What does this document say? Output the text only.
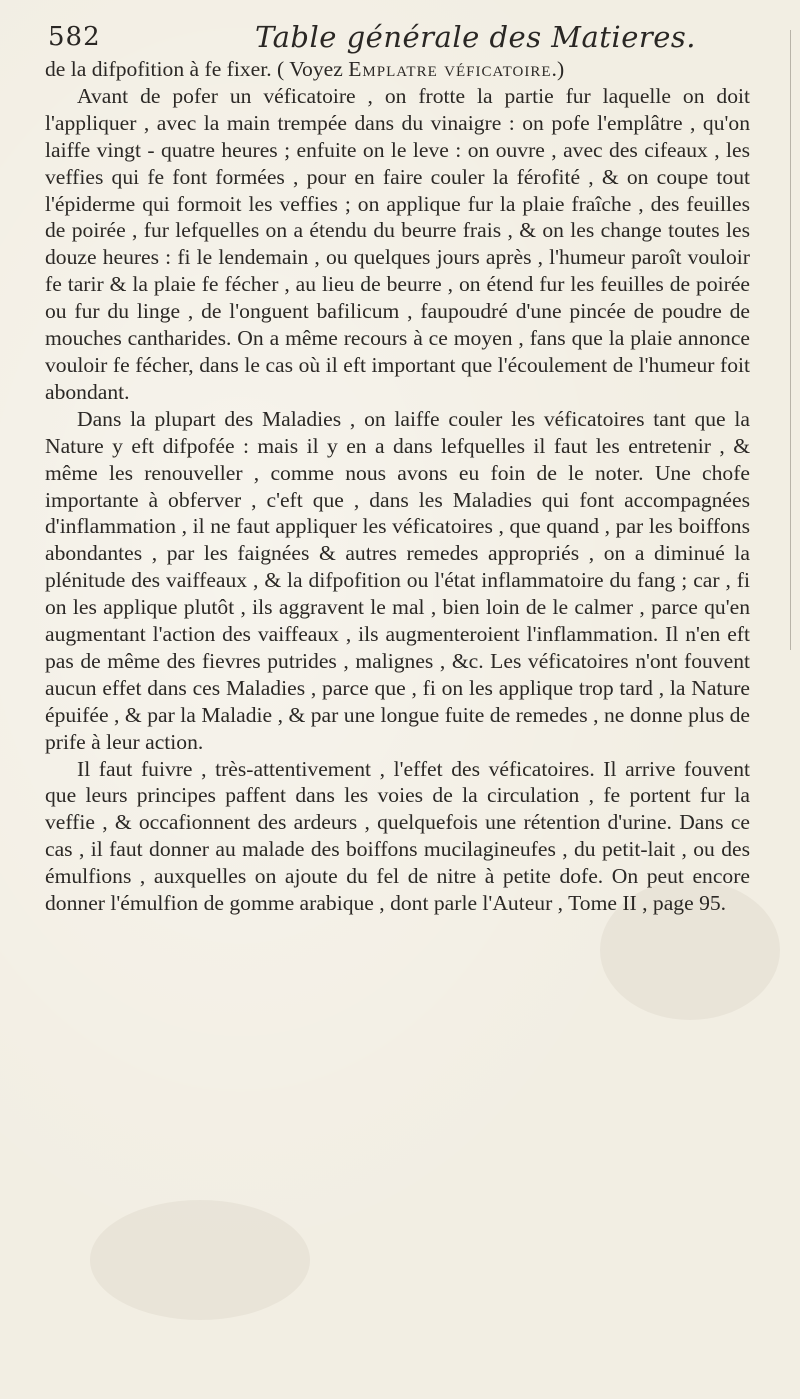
582	Table générale des Matieres.

de la difpofition à fe fixer. ( Voyez Emplatre véficatoire.)

Avant de pofer un véficatoire , on frotte la partie fur laquelle on doit l'appliquer , avec la main trempée dans du vinaigre : on pofe l'emplâtre , qu'on laiffe vingt - quatre heures ; enfuite on le leve : on ouvre , avec des cifeaux , les veffies qui fe font formées , pour en faire couler la férofité , & on coupe tout l'épiderme qui formoit les veffies ; on applique fur la plaie fraîche , des feuilles de poirée , fur lefquelles on a étendu du beurre frais , & on les change toutes les douze heures : fi le lendemain , ou quelques jours après , l'humeur paroît vouloir fe tarir & la plaie fe fécher , au lieu de beurre , on étend fur les feuilles de poirée ou fur du linge , de l'onguent bafilicum , faupoudré d'une pincée de poudre de mouches cantharides. On a même recours à ce moyen , fans que la plaie annonce vouloir fe fécher, dans le cas où il eft important que l'écoulement de l'humeur foit abondant.

Dans la plupart des Maladies , on laiffe couler les véficatoires tant que la Nature y eft difpofée : mais il y en a dans lefquelles il faut les entretenir , & même les renouveller , comme nous avons eu foin de le noter. Une chofe importante à obferver , c'eft que , dans les Maladies qui font accompagnées d'inflammation , il ne faut appliquer les véficatoires , que quand , par les boiffons abondantes , par les faignées & autres remedes appropriés , on a diminué la plénitude des vaiffeaux , & la difpofition ou l'état inflammatoire du fang ; car , fi on les applique plutôt , ils aggravent le mal , bien loin de le calmer , parce qu'en augmentant l'action des vaiffeaux , ils augmenteroient l'inflammation. Il n'en eft pas de même des fievres putrides , malignes , &c. Les véficatoires n'ont fouvent aucun effet dans ces Maladies , parce que , fi on les applique trop tard , la Nature épuifée , & par la Maladie , & par une longue fuite de remedes , ne donne plus de prife à leur action.

Il faut fuivre , très-attentivement , l'effet des véficatoires. Il arrive fouvent que leurs principes paffent dans les voies de la circulation , fe portent fur la veffie , & occafionnent des ardeurs , quelquefois une rétention d'urine. Dans ce cas , il faut donner au malade des boiffons mucilagineufes , du petit-lait , ou des émulfions , auxquelles on ajoute du fel de nitre à petite dofe. On peut encore donner l'émulfion de gomme arabique , dont parle l'Auteur , Tome II , page 95.
